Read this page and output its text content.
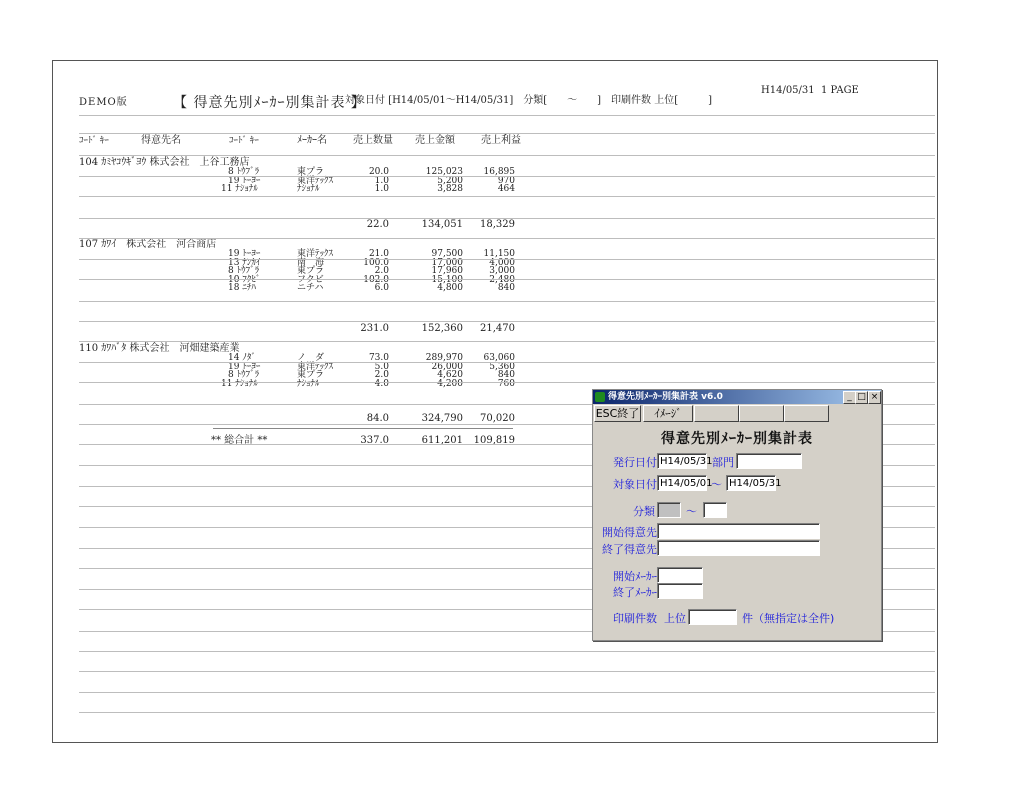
DEMO版	【 得意先別ﾒｰｶｰ別集計表 】
対象日付 [H14/05/01～H14/05/31]　分類[　　～　　]　印刷件数 上位[　　　]
H14/05/31 1 PAGE
ｺｰﾄﾞ ｷｰ	得意先名	ｺｰﾄﾞ ｷｰ	ﾒｰｶｰ名	売上数量 売上金額	売上利益
104 ｶﾐﾔｺｳｷﾞﾖｳ 株式会社　上谷工務店
8 ﾄｳﾌﾞﾗ	東プラ	20.0	125,023	16,895
19 ﾄｰﾖｰ	東洋ﾃｯｸｽ	1.0	5,200	970
11 ﾅｼｮﾅﾙ	ﾅｼｮﾅﾙ	1.0	3,828	464
22.0	134,051	18,329
107 ｶﾜｲ　株式会社　河合商店
19 ﾄｰﾖｰ	東洋ﾃｯｸｽ	21.0	97,500	11,150
13 ﾅﾝｶｲ	南　海	100.0	17,000	4,000
8 ﾄｳﾌﾞﾗ	東プラ	2.0	17,960	3,000
10 ﾌｸﾋﾞ	フクビ	102.0	15,100	2,480
18 ﾆﾁﾊ	ニチハ	6.0	4,800	840
231.0	152,360	21,470
110 ｶﾜﾊﾞﾀ 株式会社　河畑建築産業
14 ﾉﾀﾞ	ノ　ダ	73.0	289,970	63,060
19 ﾄｰﾖｰ	東洋ﾃｯｸｽ	5.0	26,000	5,360
8 ﾄｳﾌﾞﾗ	東プラ	2.0	4,620	840
11 ﾅｼｮﾅﾙ	ﾅｼｮﾅﾙ	4.0	4,200	760
84.0	324,790	70,020
** 総合計 **	337.0	611,201	109,819
得意先別ﾒｰｶｰ別集計表 v6.0	_ □ ×
ESC終了	ｲﾒｰｼﾞ
得意先別ﾒｰｶｰ別集計表
発行日付 H14/05/31 部門
対象日付 H14/05/01
～ H14/05/31
分類	～
開始得意先
終了得意先
開始ﾒｰｶｰ
終了ﾒｰｶｰ
印刷件数 上位	件（無指定は全件)
